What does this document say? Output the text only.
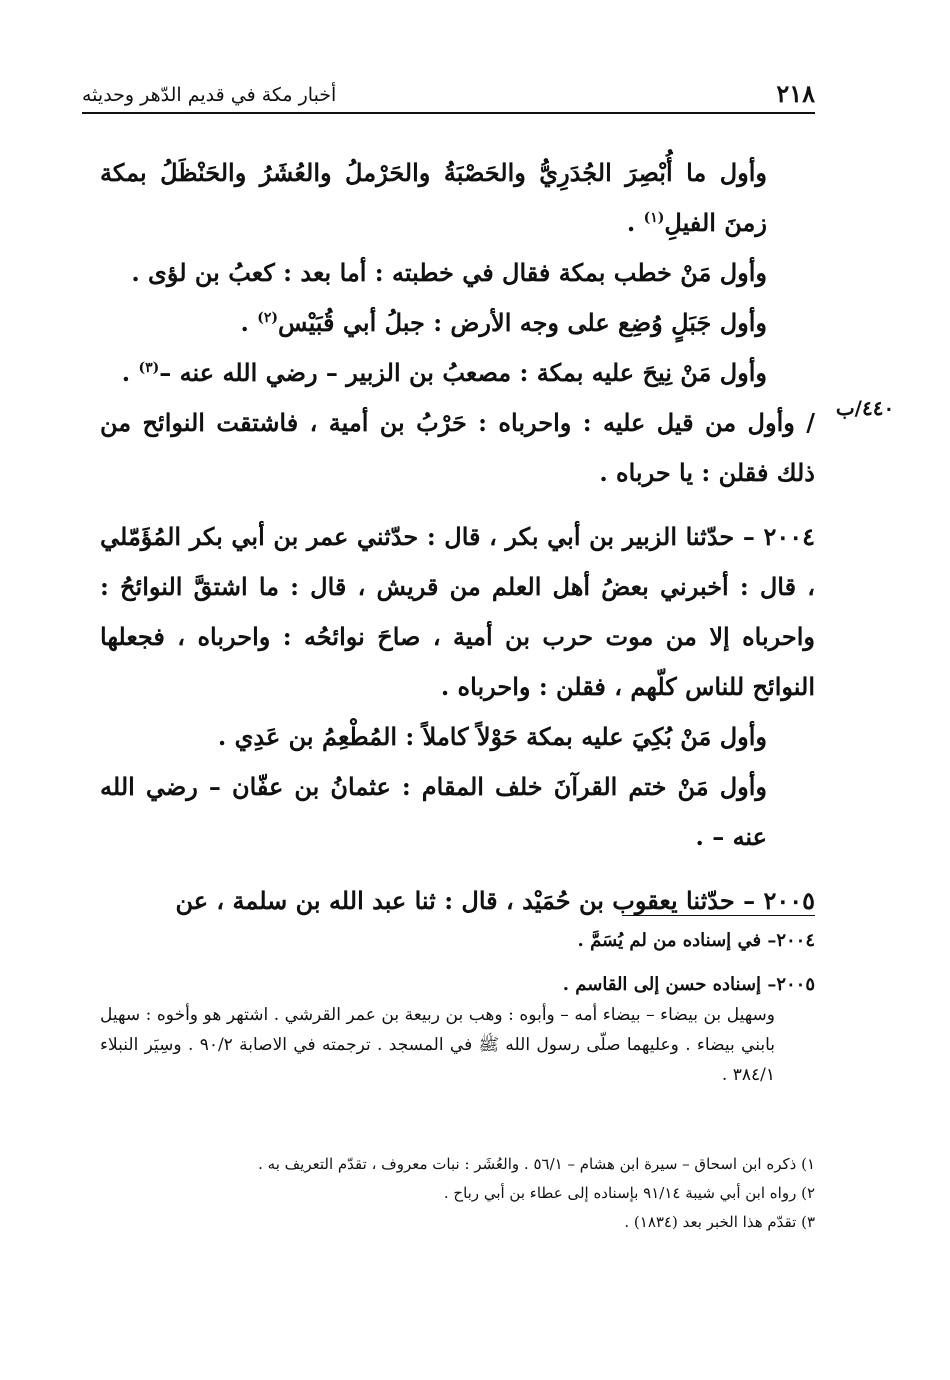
أخبار مكة في قديم الدّهر وحديثه	٢١٨
٤٤٠/ب

وأول ما أُبْصِرَ الجُدَرِيُّ والحَصْبَةُ والحَرْملُ والعُشَرُ والحَنْظَلُ بمكة زمنَ الفيلِ$^{(١)}$ .

وأول مَنْ خطب بمكة فقال في خطبته : أما بعد : كعبُ بن لؤى .

وأول جَبَلٍ وُضِع على وجه الأرض : جبلُ أبي قُبَيْس$^{(٢)}$ .

وأول مَنْ نِيحَ عليه بمكة : مصعبُ بن الزبير – رضي الله عنه –$^{(٣)}$ .

/ وأول من قيل عليه : واحرباه : حَرْبُ بن أمية ، فاشتقت النوائح من ذلك فقلن : يا حرباه .

٢٠٠٤ – حدّثنا الزبير بن أبي بكر ، قال : حدّثني عمر بن أبي بكر المُؤَمّلي ، قال : أخبرني بعضُ أهل العلم من قريش ، قال : ما اشتقَّ النوائحُ : واحرباه إلا من موت حرب بن أمية ، صاحَ نوائحُه : واحرباه ، فجعلها النوائح للناس كلّهم ، فقلن : واحرباه .

وأول مَنْ بُكِيَ عليه بمكة حَوْلاً كاملاً : المُطْعِمُ بن عَدِي .

وأول مَنْ ختم القرآنَ خلف المقام : عثمانُ بن عفّان – رضي الله عنه – .

٢٠٠٥ – حدّثنا يعقوب بن حُمَيْد ، قال : ثنا عبد الله بن سلمة ، عن

٢٠٠٤– في إسناده من لم يُسَمَّ .

٢٠٠٥– إسناده حسن إلى القاسم .

وسهيل بن بيضاء – بيضاء أمه – وأبوه : وهب بن ربيعة بن عمر القرشي . اشتهر هو وأخوه : سهيل بابني بيضاء . وعليهما صلّى رسول الله ﷺ في المسجد . ترجمته في الاصابة ٩٠/٢ . وسِيَر النبلاء ٣٨٤/١ .

١) ذكره ابن اسحاق – سيرة ابن هشام – ٥٦/١ . والعُشَر : نبات معروف ، تقدّم التعريف به .

٢) رواه ابن أبي شيبة ٩١/١٤ بإسناده إلى عطاء بن أبي رباح .

٣) تقدّم هذا الخبر بعد (١٨٣٤) .
